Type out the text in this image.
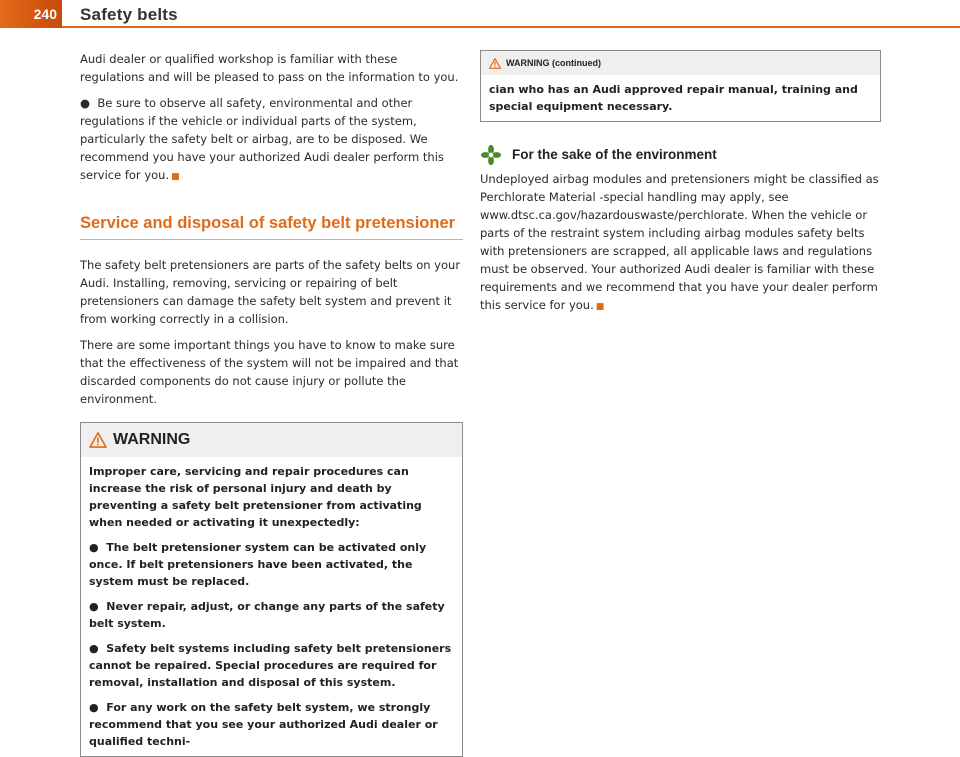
240 Safety belts

Audi dealer or qualified workshop is familiar with these regulations and will be pleased to pass on the information to you.

●  Be sure to observe all safety, environmental and other regulations if the vehicle or individual parts of the system, particularly the safety belt or airbag, are to be disposed. We recommend you have your authorized Audi dealer perform this service for you. ■

Service and disposal of safety belt pretensioner

The safety belt pretensioners are parts of the safety belts on your Audi. Installing, removing, servicing or repairing of belt pretensioners can damage the safety belt system and prevent it from working correctly in a collision.

There are some important things you have to know to make sure that the effectiveness of the system will not be impaired and that discarded components do not cause injury or pollute the environment.

WARNING

Improper care, servicing and repair procedures can increase the risk of personal injury and death by preventing a safety belt pretensioner from activating when needed or activating it unexpectedly:

●  The belt pretensioner system can be activated only once. If belt pretensioners have been activated, the system must be replaced.

●  Never repair, adjust, or change any parts of the safety belt system.

●  Safety belt systems including safety belt pretensioners cannot be repaired. Special procedures are required for removal, installation and disposal of this system.

●  For any work on the safety belt system, we strongly recommend that you see your authorized Audi dealer or qualified techni-

WARNING (continued)
cian who has an Audi approved repair manual, training and special equipment necessary.
For the sake of the environment

Undeployed airbag modules and pretensioners might be classified as Perchlorate Material -special handling may apply, see www.dtsc.ca.gov/hazardouswaste/perchlorate. When the vehicle or parts of the restraint system including airbag modules safety belts with pretensioners are scrapped, all applicable laws and regulations must be observed. Your authorized Audi dealer is familiar with these requirements and we recommend that you have your dealer perform this service for you. ■
